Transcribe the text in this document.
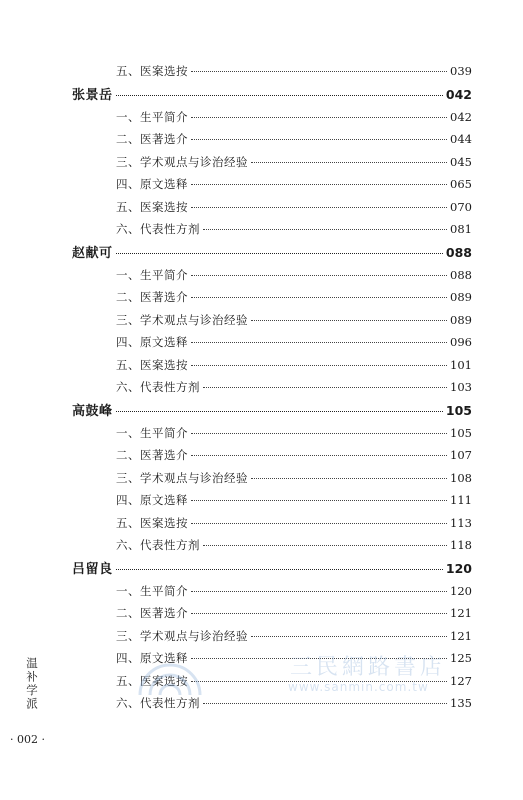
五、医案选按	039
张景岳	042
一、生平简介	042
二、医著选介	044
三、学术观点与诊治经验	045
四、原文选释	065
五、医案选按	070
六、代表性方剂	081
赵献可	088
一、生平简介	088
二、医著选介	089
三、学术观点与诊治经验	089
四、原文选释	096
五、医案选按	101
六、代表性方剂	103
高鼓峰	105
一、生平简介	105
二、医著选介	107
三、学术观点与诊治经验	108
四、原文选释	111
五、医案选按	113
六、代表性方剂	118
吕留良	120
一、生平简介	120
二、医著选介	121
三、学术观点与诊治经验	121
四、原文选释	125
五、医案选按	127
六、代表性方剂	135
三民網路書店
www.sanmin.com.tw
温补学派
· 002 ·
